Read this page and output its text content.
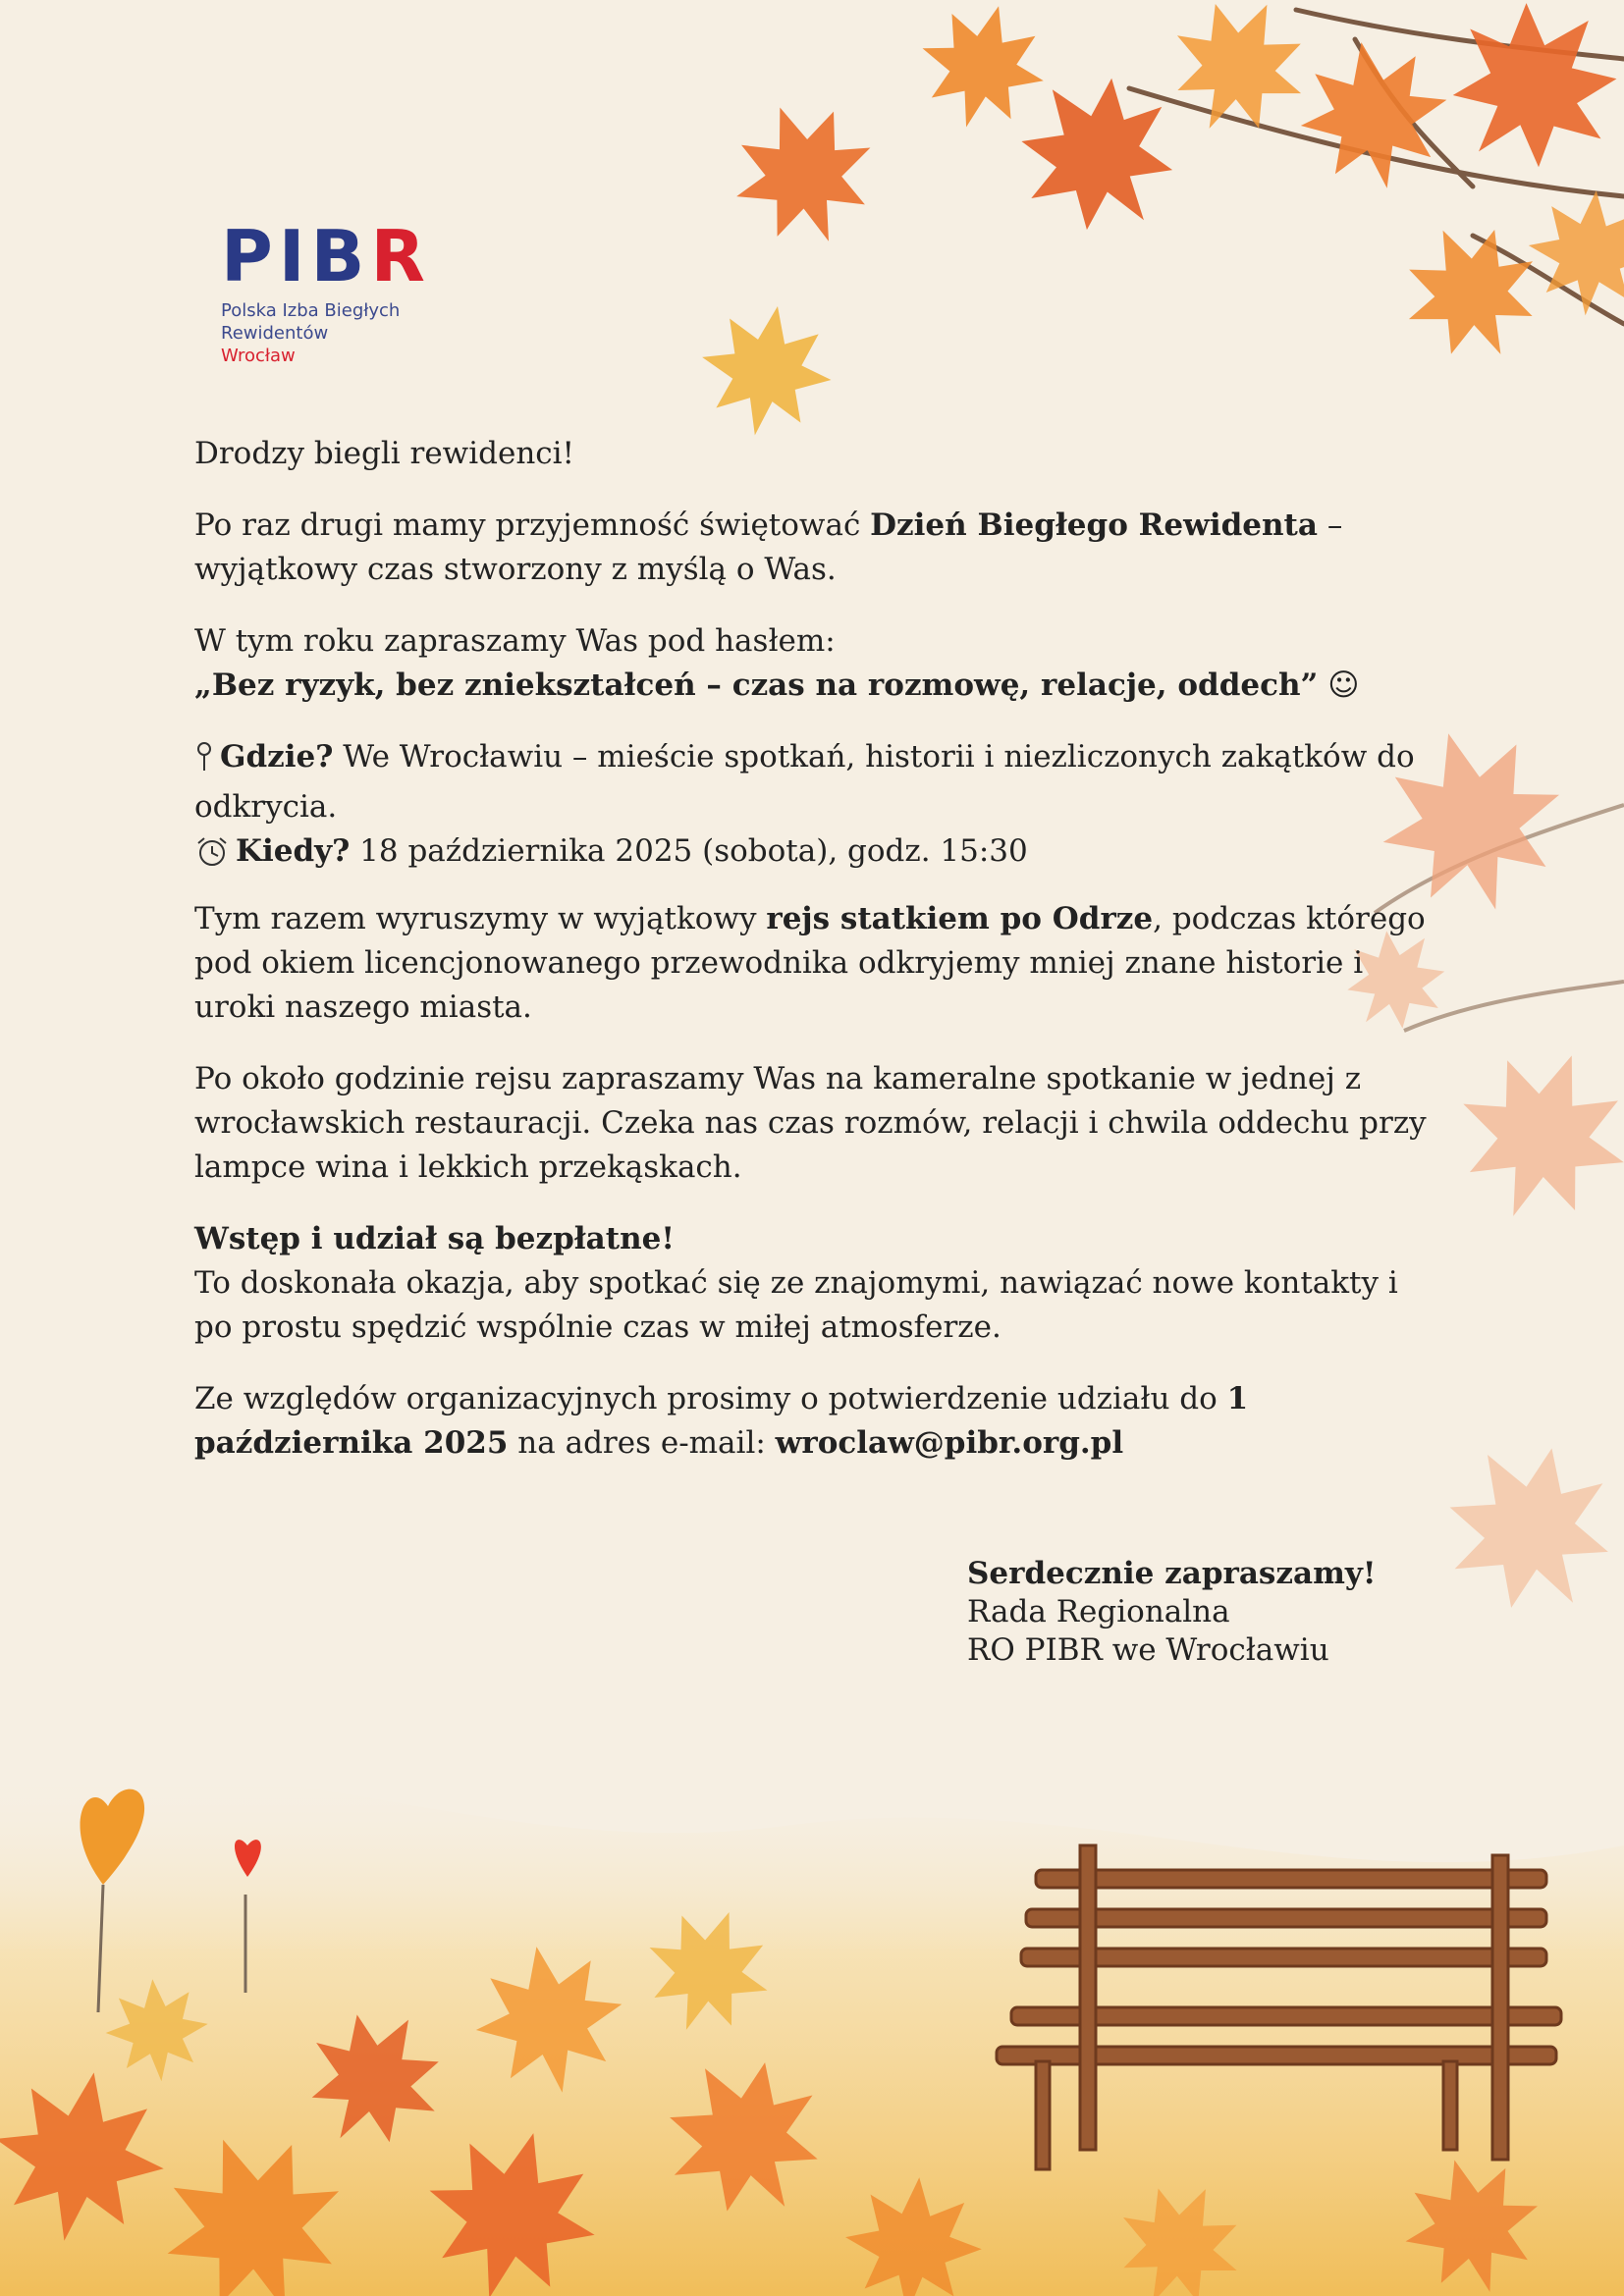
PIBR
Polska Izba Biegłych
Rewidentów
Wrocław

Drodzy biegli rewidenci!

Po raz drugi mamy przyjemność świętować Dzień Biegłego Rewidenta – wyjątkowy czas stworzony z myślą o Was.

W tym roku zapraszamy Was pod hasłem:
„Bez ryzyk, bez zniekształceń – czas na rozmowę, relacje, oddech” ☺

Gdzie? We Wrocławiu – mieście spotkań, historii i niezliczonych zakątków do odkrycia.
Kiedy? 18 października 2025 (sobota), godz. 15:30

Tym razem wyruszymy w wyjątkowy rejs statkiem po Odrze, podczas którego pod okiem licencjonowanego przewodnika odkryjemy mniej znane historie i uroki naszego miasta.

Po około godzinie rejsu zapraszamy Was na kameralne spotkanie w jednej z wrocławskich restauracji. Czeka nas czas rozmów, relacji i chwila oddechu przy lampce wina i lekkich przekąskach.

Wstęp i udział są bezpłatne!
To doskonała okazja, aby spotkać się ze znajomymi, nawiązać nowe kontakty i po prostu spędzić wspólnie czas w miłej atmosferze.

Ze względów organizacyjnych prosimy o potwierdzenie udziału do 1 października 2025 na adres e-mail: wroclaw@pibr.org.pl

Serdecznie zapraszamy!
Rada Regionalna
RO PIBR we Wrocławiu
